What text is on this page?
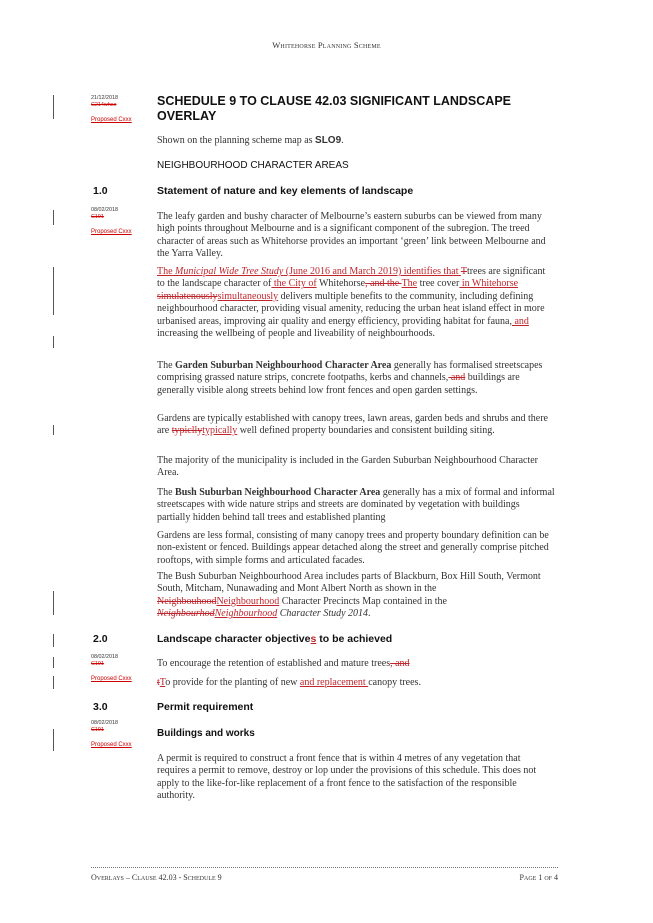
Whitehorse Planning Scheme
21/12/2018
C214whse
Proposed Cxxx
08/02/2018
C191
Proposed Cxxx
08/02/2018
C191
Proposed Cxxx
08/02/2018
C191
Proposed Cxxx
SCHEDULE 9 TO CLAUSE 42.03 SIGNIFICANT LANDSCAPE OVERLAY
Shown on the planning scheme map as SLO9.
NEIGHBOURHOOD CHARACTER AREAS
1.0	Statement of nature and key elements of landscape
The leafy garden and bushy character of Melbourne’s eastern suburbs can be viewed from many high points throughout Melbourne and is a significant component of the subregion. The treed character of areas such as Whitehorse provides an important ‘green’ link between Melbourne and the Yarra Valley.
The Municipal Wide Tree Study (June 2016 and March 2019) identifies that Ttrees are significant to the landscape character of the City of Whitehorse, and the The tree cover in Whitehorse simulatenouslysimultaneously delivers multiple benefits to the community, including defining neighbourhood character, providing visual amenity, reducing the urban heat island effect in more urbanised areas, improving air quality and energy efficiency, providing habitat for fauna, and increasing the wellbeing of people and liveability of neighbourhoods.
The Garden Suburban Neighbourhood Character Area generally has formalised streetscapes comprising grassed nature strips, concrete footpaths, kerbs and channels, and buildings are generally visible along streets behind low front fences and open garden settings.
Gardens are typically established with canopy trees, lawn areas, garden beds and shrubs and there are typicllytypically well defined property boundaries and consistent building siting.
The majority of the municipality is included in the Garden Suburban Neighbourhood Character Area.
The Bush Suburban Neighbourhood Character Area generally has a mix of formal and informal streetscapes with wide nature strips and streets are dominated by vegetation with buildings partially hidden behind tall trees and established planting
Gardens are less formal, consisting of many canopy trees and property boundary definition can be non-existent or fenced. Buildings appear detached along the street and generally comprise pitched rooftops, with simple forms and articulated facades.
The Bush Suburban Neighbourhood Area includes parts of Blackburn, Box Hill South, Vermont South, Mitcham, Nunawading and Mont Albert North as shown in the NeighbouhoodNeighbourhood Character Precincts Map contained in the NeighbourhodNeighbourhood Character Study 2014.
2.0	Landscape character objectives to be achieved
To encourage the retention of established and mature trees, and
tTo provide for the planting of new and replacement canopy trees.
3.0	Permit requirement
Buildings and works
A permit is required to construct a front fence that is within 4 metres of any vegetation that requires a permit to remove, destroy or lop under the provisions of this schedule. This does not apply to the like-for-like replacement of a front fence to the satisfaction of the responsible authority.
Overlays – Clause 42.03 - Schedule 9	Page 1 of 4
